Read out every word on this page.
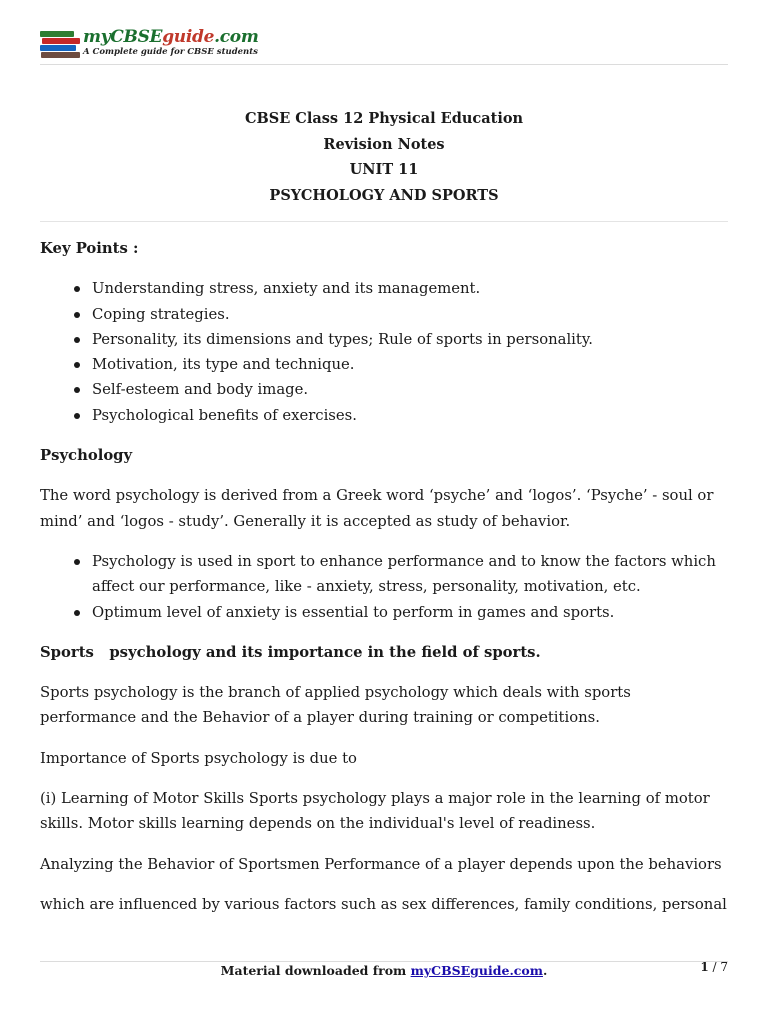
myCBSEguide.com
A Complete guide for CBSE students
CBSE Class 12 Physical Education
Revision Notes
UNIT 11
PSYCHOLOGY AND SPORTS

Key Points :

Understanding stress, anxiety and its management.
Coping strategies.
Personality, its dimensions and types; Rule of sports in personality.
Motivation, its type and technique.
Self-esteem and body image.
Psychological benefits of exercises.

Psychology

The word psychology is derived from a Greek word ‘psyche’ and ‘logos’. ‘Psyche’ - soul or mind’ and ‘logos - study’. Generally it is accepted as study of behavior.

Psychology is used in sport to enhance performance and to know the factors which affect our performance, like - anxiety, stress, personality, motivation, etc.
Optimum level of anxiety is essential to perform in games and sports.

Sports   psychology and its importance in the field of sports.

Sports psychology is the branch of applied psychology which deals with sports performance and the Behavior of a player during training or competitions.

Importance of Sports psychology is due to

(i) Learning of Motor Skills Sports psychology plays a major role in the learning of motor skills. Motor skills learning depends on the individual's level of readiness.

Analyzing the Behavior of Sportsmen Performance of a player depends upon the behaviors

which are influenced by various factors such as sex differences, family conditions, personal

Material downloaded from myCBSEguide.com.	1 / 7
